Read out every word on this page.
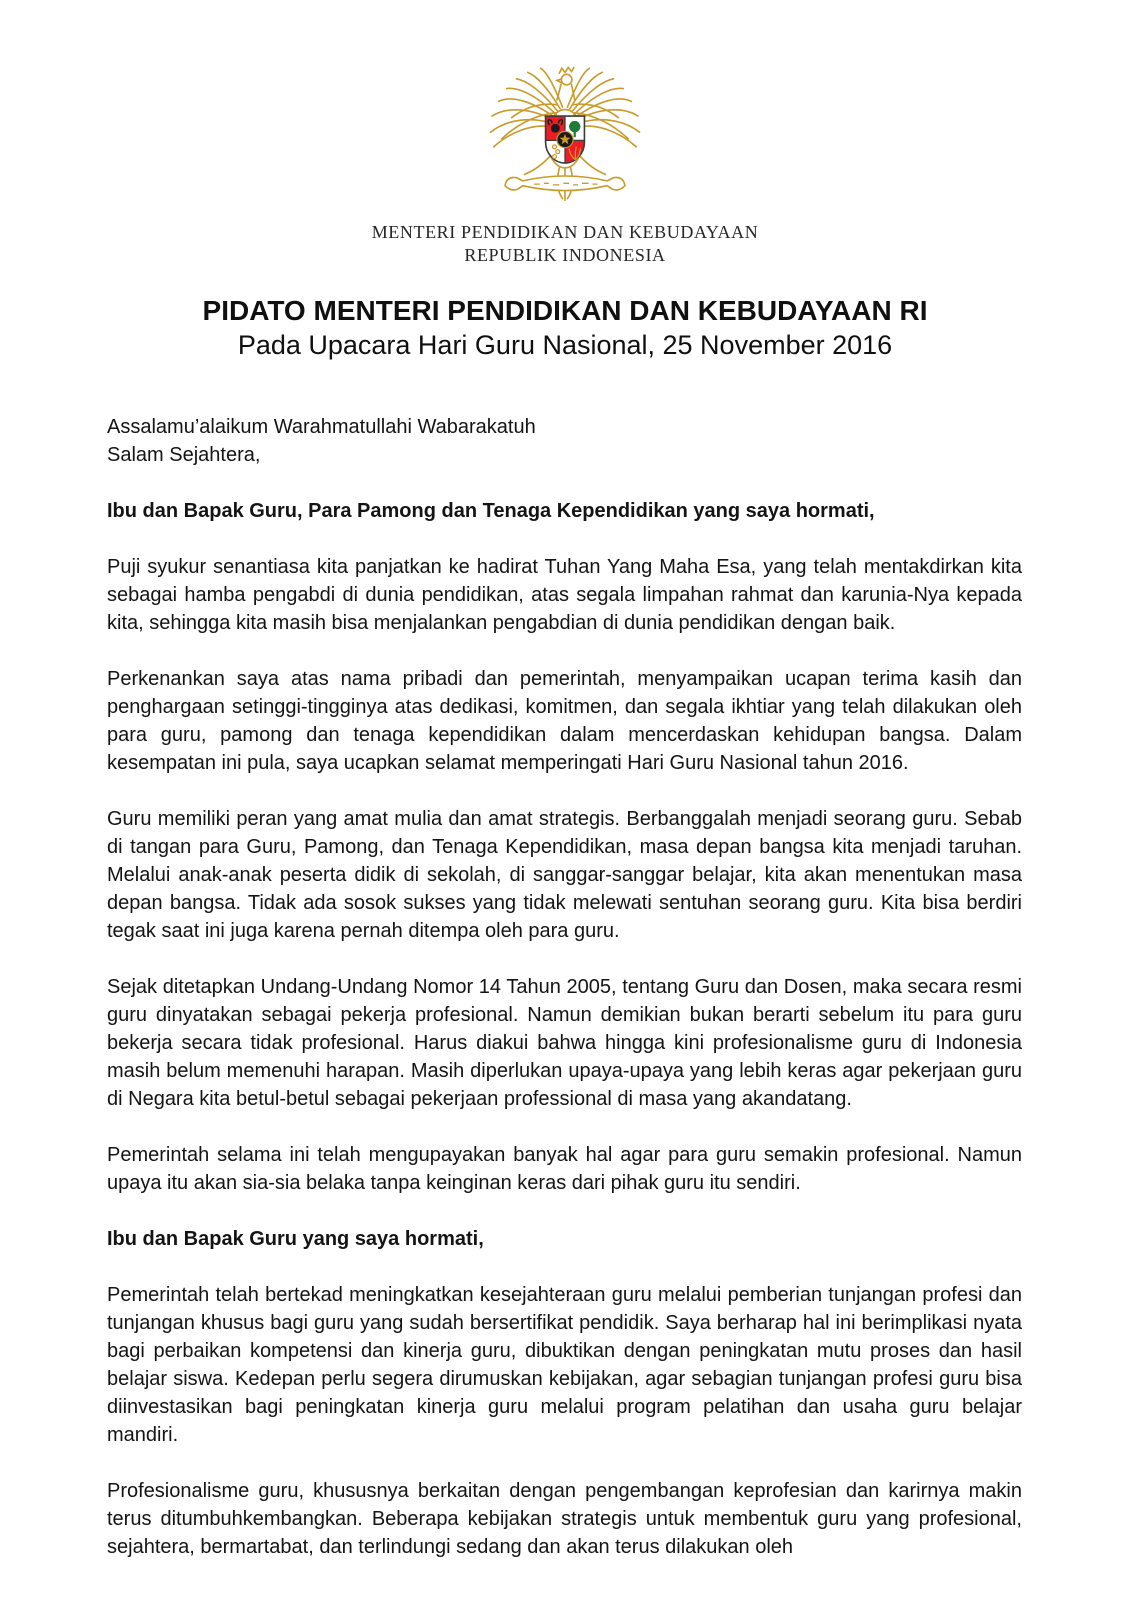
MENTERI PENDIDIKAN DAN KEBUDAYAAN
REPUBLIK INDONESIA
PIDATO MENTERI PENDIDIKAN DAN KEBUDAYAAN RI
Pada Upacara Hari Guru Nasional, 25 November 2016

Assalamu’alaikum Warahmatullahi Wabarakatuh
Salam Sejahtera,

Ibu dan Bapak Guru, Para Pamong dan Tenaga Kependidikan yang saya hormati,

Puji syukur senantiasa kita panjatkan ke hadirat Tuhan Yang Maha Esa, yang telah mentakdirkan kita sebagai hamba pengabdi di dunia pendidikan, atas segala limpahan rahmat dan karunia-Nya kepada kita, sehingga kita masih bisa menjalankan pengabdian di dunia pendidikan dengan baik.

Perkenankan saya atas nama pribadi dan pemerintah, menyampaikan ucapan terima kasih dan penghargaan setinggi-tingginya atas dedikasi, komitmen, dan segala ikhtiar yang telah dilakukan oleh para guru, pamong dan tenaga kependidikan dalam mencerdaskan kehidupan bangsa. Dalam kesempatan ini pula, saya ucapkan selamat memperingati Hari Guru Nasional tahun 2016.

Guru memiliki peran yang amat mulia dan amat strategis. Berbanggalah menjadi seorang guru. Sebab di tangan para Guru, Pamong, dan Tenaga Kependidikan, masa depan bangsa kita menjadi taruhan. Melalui anak-anak peserta didik di sekolah, di sanggar-sanggar belajar, kita akan menentukan masa depan bangsa. Tidak ada sosok sukses yang tidak melewati sentuhan seorang guru. Kita bisa berdiri tegak saat ini juga karena pernah ditempa oleh para guru.

Sejak ditetapkan Undang-Undang Nomor 14 Tahun 2005, tentang Guru dan Dosen, maka secara resmi guru dinyatakan sebagai pekerja profesional. Namun demikian bukan berarti sebelum itu para guru bekerja secara tidak profesional. Harus diakui bahwa hingga kini profesionalisme guru di Indonesia masih belum memenuhi harapan. Masih diperlukan upaya-upaya yang lebih keras agar pekerjaan guru di Negara kita betul-betul sebagai pekerjaan professional di masa yang akandatang.

Pemerintah selama ini telah mengupayakan banyak hal agar para guru semakin profesional. Namun upaya itu akan sia-sia belaka tanpa keinginan keras dari pihak guru itu sendiri.

Ibu dan Bapak Guru yang saya hormati,

Pemerintah telah bertekad meningkatkan kesejahteraan guru melalui pemberian tunjangan profesi dan tunjangan khusus bagi guru yang sudah bersertifikat pendidik. Saya berharap hal ini berimplikasi nyata bagi perbaikan kompetensi dan kinerja guru, dibuktikan dengan peningkatan mutu proses dan hasil belajar siswa. Kedepan perlu segera dirumuskan kebijakan, agar sebagian tunjangan profesi guru bisa diinvestasikan bagi peningkatan kinerja guru melalui program pelatihan dan usaha guru belajar mandiri.

Profesionalisme guru, khususnya berkaitan dengan pengembangan keprofesian dan karirnya makin terus ditumbuhkembangkan. Beberapa kebijakan strategis untuk membentuk guru yang profesional, sejahtera, bermartabat, dan terlindungi sedang dan akan terus dilakukan oleh
